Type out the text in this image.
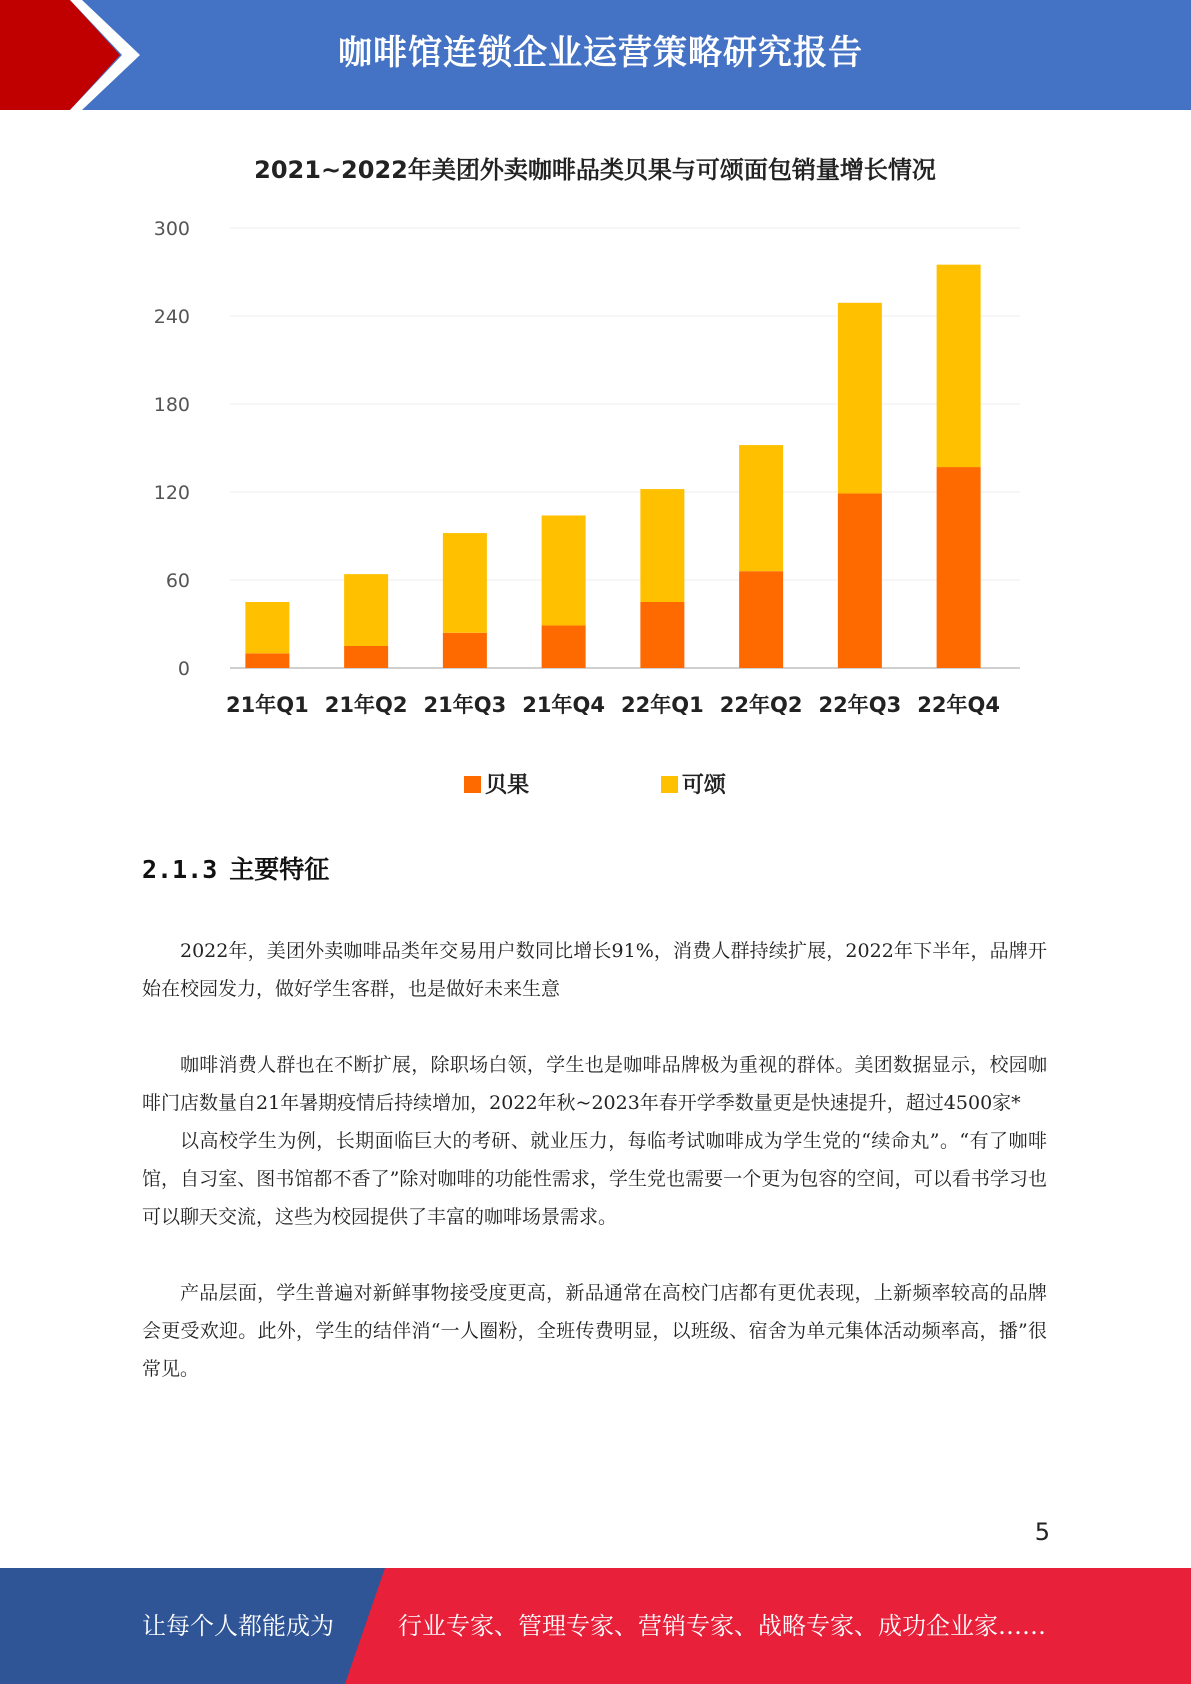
咖啡馆连锁企业运营策略研究报告
0
60
120
180
240
300
21年Q1 21年Q2 21年Q3 21年Q4 22年Q1 22年Q2 22年Q3 22年Q4
2021~2022年美团外卖咖啡品类贝果与可颂面包销量增长情况
贝果	可颂
2.1.3 主要特征

2022年，美团外卖咖啡品类年交易用户数同比增长91%，消费人群持续扩展，2022年下半年，品牌开始在校园发力，做好学生客群，也是做好未来生意

咖啡消费人群也在不断扩展，除职场白领，学生也是咖啡品牌极为重视的群体。美团数据显示，校园咖啡门店数量自21年暑期疫情后持续增加，2022年秋~2023年春开学季数量更是快速提升，超过4500家*

以高校学生为例，长期面临巨大的考研、就业压力，每临考试咖啡成为学生党的“续命丸”。“有了咖啡馆，自习室、图书馆都不香了”除对咖啡的功能性需求，学生党也需要一个更为包容的空间，可以看书学习也可以聊天交流，这些为校园提供了丰富的咖啡场景需求。

产品层面，学生普遍对新鲜事物接受度更高，新品通常在高校门店都有更优表现，上新频率较高的品牌会更受欢迎。此外，学生的结伴消“一人圈粉，全班传费明显，以班级、宿舍为单元集体活动频率高，播”很常见。

5
让每个人都能成为	行业专家、管理专家、营销专家、战略专家、成功企业家……
